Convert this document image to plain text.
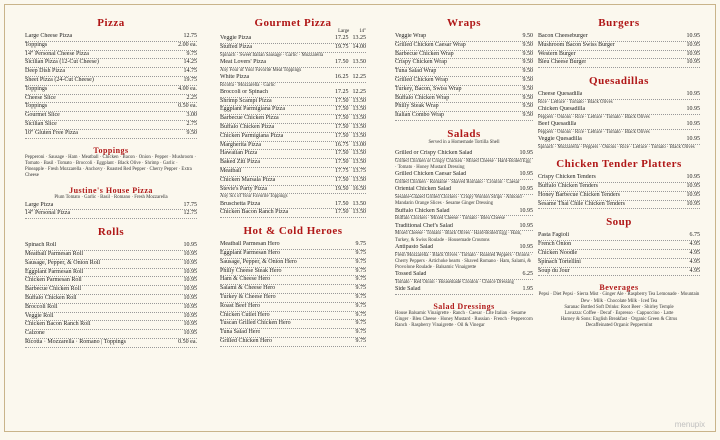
Pizza
Large Cheese Pizza	12.75
Toppings	2.00 ea.
14" Personal Cheese Pizza	9.75
Sicilian Pizza (12-Cut Cheese)	14.25
Deep Dish Pizza	14.75
Sheet Pizza (24-Cut Cheese)	19.75
Toppings	4.00 ea.
Cheese Slice	2.25
Toppings	0.50 ea.
Gourmet Slice	3.00
Sicilian Slice	2.75
10" Gluten Free Pizza	9.50
Toppings
Pepperoni · Sausage · Ham · Meatball · Chicken · Bacon · Onion · Pepper · Mushroom · Tomato · Basil · Tomato · Broccoli · Eggplant · Black Olive · Shrimp · Garlic · Pineapple · Fresh Mozzarella · Anchovy · Roasted Red Pepper · Cherry Pepper · Extra Cheese
Justine's House Pizza
Plum Tomato · Garlic · Basil · Romano · Fresh Mozzarella
Large Pizza	17.75
14" Personal Pizza	12.75
Rolls
Spinach Roll	10.95
Meatball Parmesan Roll	10.95
Sausage, Pepper, & Onion Roll	10.95
Eggplant Parmesan Roll	10.95
Chicken Parmesan Roll	10.95
Barbecue Chicken Roll	10.95
Buffalo Chicken Roll	10.95
Broccoli Roll	10.95
Veggie Roll	10.95
Chicken Bacon Ranch Roll	10.95
Calzone	10.95
Ricotta · Mozzarella · Romano | Toppings	0.50 ea.
Gourmet Pizza
Large 14"
Veggie Pizza	17.25 13.25
Stuffed Pizza	19.75 14.00
Spinach · Sweet Italian Sausage · Garlic · Mozzarella
Meat Lovers' Pizza	17.50 13.50
Any Four of Your Favorite Meat Toppings
White Pizza	16.25 12.25
Ricotta · Mozzarella · Garlic
Broccoli or Spinach	17.25 12.25
Shrimp Scampi Pizza	17.50 13.50
Eggplant Parmigiana Pizza	17.50 13.50
Barbecue Chicken Pizza	17.50 13.50
Buffalo Chicken Pizza	17.50 13.50
Chicken Parmigiana Pizza	17.50 13.50
Margherita Pizza	16.75 13.00
Hawaiian Pizza	17.50 13.50
Baked Ziti Pizza	17.50 13.50
Meatball	17.75 13.75
Chicken Marsala Pizza	17.50 13.50
Stevie's Party Pizza	19.50 16.50
Any Six of Your Favorite Toppings
Bruschetta Pizza	17.50 13.50
Chicken Bacon Ranch Pizza	17.50 13.50
Hot & Cold Heroes
Meatball Parmesan Hero	9.75
Eggplant Parmesan Hero	9.75
Sausage, Pepper, & Onion Hero	9.75
Philly Cheese Steak Hero	9.75
Ham & Cheese Hero	9.75
Salami & Cheese Hero	9.75
Turkey & Cheese Hero	9.75
Roast Beef Hero	9.75
Chicken Cutlet Hero	9.75
Tuscan Grilled Chicken Hero	9.75
Tuna Salad Hero	9.75
Grilled Chicken Hero	9.75
Wraps
Veggie Wrap	9.50
Grilled Chicken Caesar Wrap	9.50
Barbecue Chicken Wrap	9.50
Crispy Chicken Wrap	9.50
Tuna Salad Wrap	9.50
Grilled Chicken Wrap	9.50
Turkey, Bacon, Swiss Wrap	9.50
Buffalo Chicken Wrap	9.50
Philly Steak Wrap	9.50
Italian Combo Wrap	9.50
Salads
Served in a Homemade Tortilla Shell
Grilled or Crispy Chicken Salad	10.95
Grilled Chicken or Crispy Chicken · Mixed Cheese · Hard-Boiled Egg · Tomato · Honey Mustard Dressing
Grilled Chicken Caesar Salad	10.95
Grilled Chicken · Romaine · Shaved Romano · Crouton · Caesar
Oriental Chicken Salad	10.95
Sesame-Glazed Grilled Chicken · Crispy Wonton Strips · Almond · Mandarin Orange Slices · Sesame Ginger Dressing
Buffalo Chicken Salad	10.95
Buffalo Chicken · Mixed Cheese · Tomato · Bleu Cheese
Traditional Chef's Salad	10.95
Mixed Cheese · Tomato · Black Olives · Hard-Boiled Egg · Ham, Turkey, & Swiss Roulade · Housemade Croutons
Antipasto Salad	10.95
Fresh Mozzarella · Black Olives · Tomato · Roasted Peppers · Onions · Cherry Peppers · Artichoke hearts · Shaved Romano · Ham, Salami, & Provolone Roulade · Balsamic Vinaigrette
Tossed Salad	6.25
Tomato · Red Onion · Housemade Crouton · Choice Dressing
Side Salad	1.95
Salad Dressings
House Balsamic Vinaigrette · Ranch · Caesar · Lite Italian · Sesame Ginger · Bleu Cheese · Honey Mustard · Russian · French · Peppercorn Ranch · Raspberry Vinaigrette · Oil & Vinegar
Burgers
Bacon Cheeseburger	10.95
Mushroom Bacon Swiss Burger	10.95
Western Burger	10.95
Bleu Cheese Burger	10.95
Quesadillas
Cheese Quesadilla	10.95
Rice · Lettuce · Tomato · Black Olives
Chicken Quesadilla	10.95
Peppers · Onions · Rice · Lettuce · Tomato · Black Olives
Beef Quesadilla	10.95
Peppers · Onions · Rice · Lettuce · Tomato · Black Olives
Veggie Quesadilla	10.95
Spinach · Mozzarella · Peppers · Onions · Rice · Lettuce · Tomato · Black Olives
Chicken Tender Platters
Crispy Chicken Tenders	10.95
Buffalo Chicken Tenders	10.95
Honey Barbecue Chicken Tenders	10.95
Sesame Thai Chile Chicken Tenders	10.95
Soup
Pasta Fagioli	6.75
French Onion	4.95
Chicken Noodle	4.95
Spinach Tortellini	4.95
Soup du Jour	4.95
Beverages
Pepsi · Diet Pepsi · Sierra Mist · Ginger Ale · Raspberry Tea Lemonade · Mountain Dew · Milk · Chocolate Milk · Iced Tea
Saranac Bottled Soft Drinks: Root Beer · Shirley Temple
Lavazza: Coffee · Decaf · Espresso · Cappuccino · Latte
Harney & Sons: English Breakfast · Organic Green & Citrus
Decaffeinated Organic Peppermint
menupix
